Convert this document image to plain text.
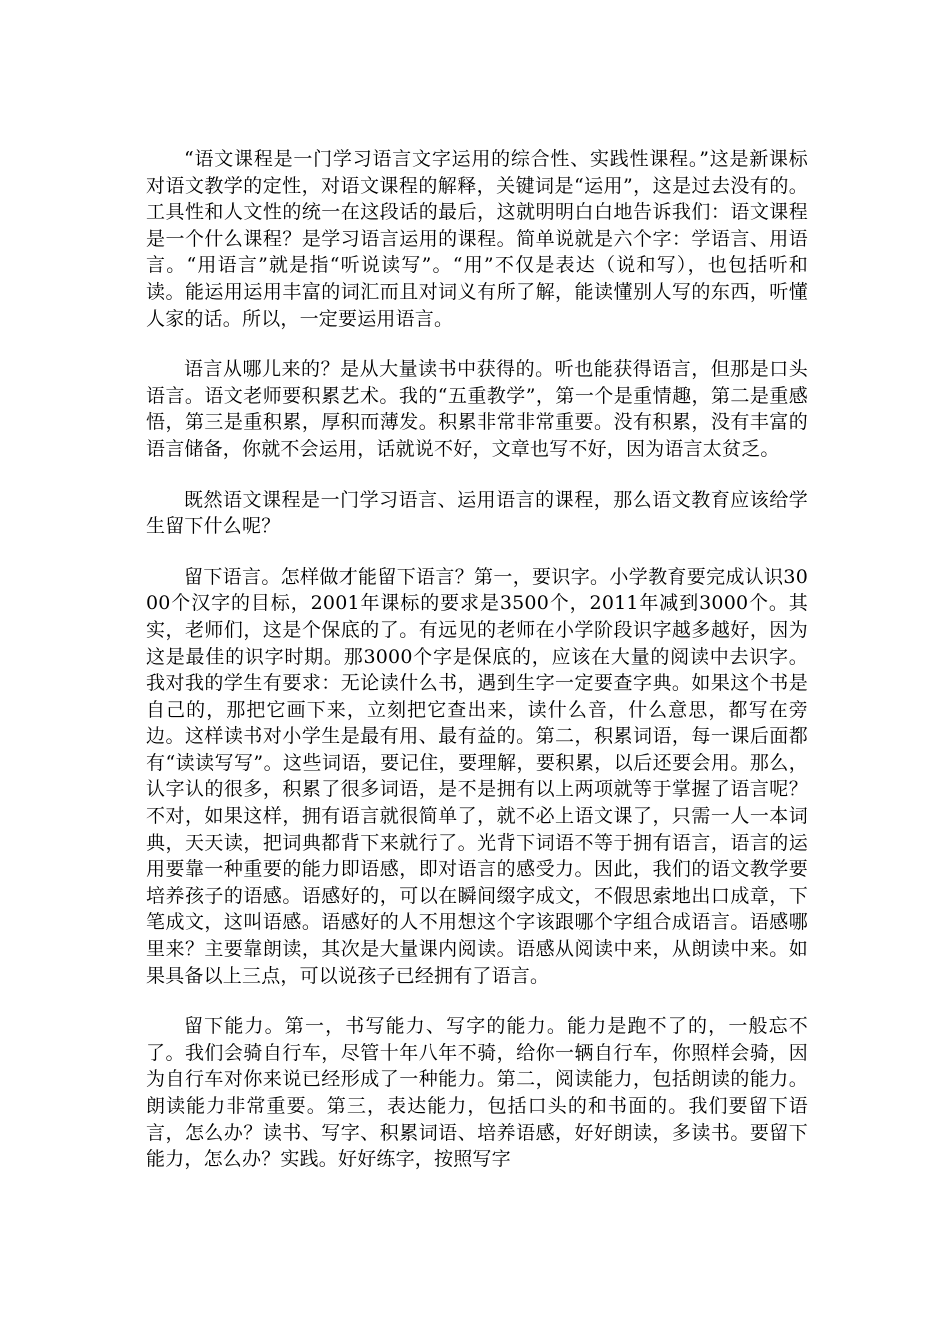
“语文课程是一门学习语言文字运用的综合性、实践性课程。”这是新课标对语文教学的定性，对语文课程的解释，关键词是“运用”，这是过去没有的。工具性和人文性的统一在这段话的最后，这就明明白白地告诉我们：语文课程是一个什么课程？是学习语言运用的课程。简单说就是六个字：学语言、用语言。“用语言”就是指“听说读写”。“用”不仅是表达（说和写），也包括听和读。能运用运用丰富的词汇而且对词义有所了解，能读懂别人写的东西，听懂人家的话。所以，一定要运用语言。

语言从哪儿来的？是从大量读书中获得的。听也能获得语言，但那是口头语言。语文老师要积累艺术。我的“五重教学”，第一个是重情趣，第二是重感悟，第三是重积累，厚积而薄发。积累非常非常重要。没有积累，没有丰富的语言储备，你就不会运用，话就说不好，文章也写不好，因为语言太贫乏。

既然语文课程是一门学习语言、运用语言的课程，那么语文教育应该给学生留下什么呢？

留下语言。怎样做才能留下语言？第一，要识字。小学教育要完成认识3000个汉字的目标，2001年课标的要求是3500个，2011年减到3000个。其实，老师们，这是个保底的了。有远见的老师在小学阶段识字越多越好，因为这是最佳的识字时期。那3000个字是保底的，应该在大量的阅读中去识字。我对我的学生有要求：无论读什么书，遇到生字一定要查字典。如果这个书是自己的，那把它画下来，立刻把它查出来，读什么音，什么意思，都写在旁边。这样读书对小学生是最有用、最有益的。第二，积累词语，每一课后面都有“读读写写”。这些词语，要记住，要理解，要积累，以后还要会用。那么，认字认的很多，积累了很多词语，是不是拥有以上两项就等于掌握了语言呢？不对，如果这样，拥有语言就很简单了，就不必上语文课了，只需一人一本词典，天天读，把词典都背下来就行了。光背下词语不等于拥有语言，语言的运用要靠一种重要的能力即语感，即对语言的感受力。因此，我们的语文教学要培养孩子的语感。语感好的，可以在瞬间缀字成文，不假思索地出口成章，下笔成文，这叫语感。语感好的人不用想这个字该跟哪个字组合成语言。语感哪里来？主要靠朗读，其次是大量课内阅读。语感从阅读中来，从朗读中来。如果具备以上三点，可以说孩子已经拥有了语言。

留下能力。第一，书写能力、写字的能力。能力是跑不了的，一般忘不了。我们会骑自行车，尽管十年八年不骑，给你一辆自行车，你照样会骑，因为自行车对你来说已经形成了一种能力。第二，阅读能力，包括朗读的能力。朗读能力非常重要。第三，表达能力，包括口头的和书面的。我们要留下语言，怎么办？读书、写字、积累词语、培养语感，好好朗读，多读书。要留下能力，怎么办？实践。好好练字，按照写字
